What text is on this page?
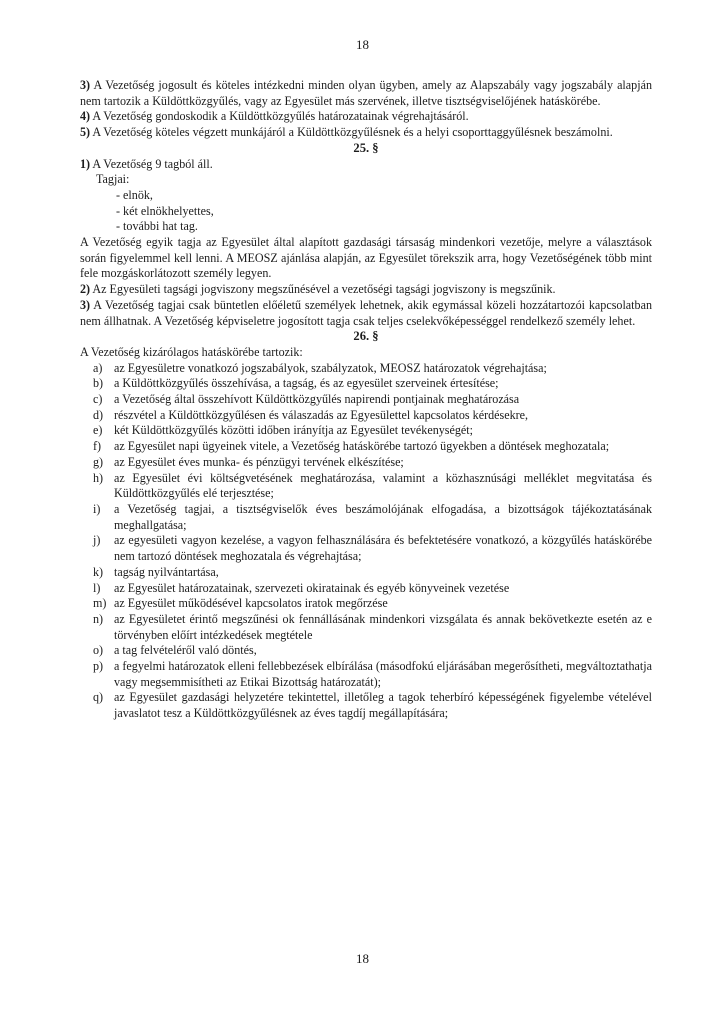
18

3) A Vezetőség jogosult és köteles intézkedni minden olyan ügyben, amely az Alapszabály vagy jogszabály alapján nem tartozik a Küldöttközgyűlés, vagy az Egyesület más szervének, illetve tisztségviselőjének hatáskörébe.

4) A Vezetőség gondoskodik a Küldöttközgyűlés határozatainak végrehajtásáról.

5) A Vezetőség köteles végzett munkájáról a Küldöttközgyűlésnek és a helyi csoporttaggyűlésnek beszámolni.

25. §

1) A Vezetőség 9 tagból áll.

Tagjai:

- elnök,

- két elnökhelyettes,

- további hat tag.

A Vezetőség egyik tagja az Egyesület által alapított gazdasági társaság mindenkori vezetője, melyre a választások során figyelemmel kell lenni. A MEOSZ ajánlása alapján, az Egyesület törekszik arra, hogy Vezetőségének több mint fele mozgáskorlátozott személy legyen.

2) Az Egyesületi tagsági jogviszony megszűnésével a vezetőségi tagsági jogviszony is megszűnik.

3) A Vezetőség tagjai csak büntetlen előéletű személyek lehetnek, akik egymással közeli hozzátartozói kapcsolatban nem állhatnak. A Vezetőség képviseletre jogosított tagja csak teljes cselekvőképességgel rendelkező személy lehet.

26. §

A Vezetőség kizárólagos hatáskörébe tartozik:

a) az Egyesületre vonatkozó jogszabályok, szabályzatok, MEOSZ határozatok végrehajtása;
b) a Küldöttközgyűlés összehívása, a tagság, és az egyesület szerveinek értesítése;
c) a Vezetőség által összehívott Küldöttközgyűlés napirendi pontjainak meghatározása
d) részvétel a Küldöttközgyűlésen és válaszadás az Egyesülettel kapcsolatos kérdésekre,
e) két Küldöttközgyűlés közötti időben irányítja az Egyesület tevékenységét;
f) az Egyesület napi ügyeinek vitele, a Vezetőség hatáskörébe tartozó ügyekben a döntések meghozatala;
g) az Egyesület éves munka- és pénzügyi tervének elkészítése;
h) az Egyesület évi költségvetésének meghatározása, valamint a közhasznúsági melléklet megvitatása és Küldöttközgyűlés elé terjesztése;
i) a Vezetőség tagjai, a tisztségviselők éves beszámolójának elfogadása, a bizottságok tájékoztatásának meghallgatása;
j) az egyesületi vagyon kezelése, a vagyon felhasználására és befektetésére vonatkozó, a közgyűlés hatáskörébe nem tartozó döntések meghozatala és végrehajtása;
k) tagság nyilvántartása,
l) az Egyesület határozatainak, szervezeti okiratainak és egyéb könyveinek vezetése
m) az Egyesület működésével kapcsolatos iratok megőrzése
n) az Egyesületet érintő megszűnési ok fennállásának mindenkori vizsgálata és annak bekövetkezte esetén az e törvényben előírt intézkedések megtétele
o) a tag felvételéről való döntés,
p) a fegyelmi határozatok elleni fellebbezések elbírálása (másodfokú eljárásában megerősítheti, megváltoztathatja vagy megsemmisítheti az Etikai Bizottság határozatát);
q) az Egyesület gazdasági helyzetére tekintettel, illetőleg a tagok teherbíró képességének figyelembe vételével javaslatot tesz a Küldöttközgyűlésnek az éves tagdíj megállapítására;
18
